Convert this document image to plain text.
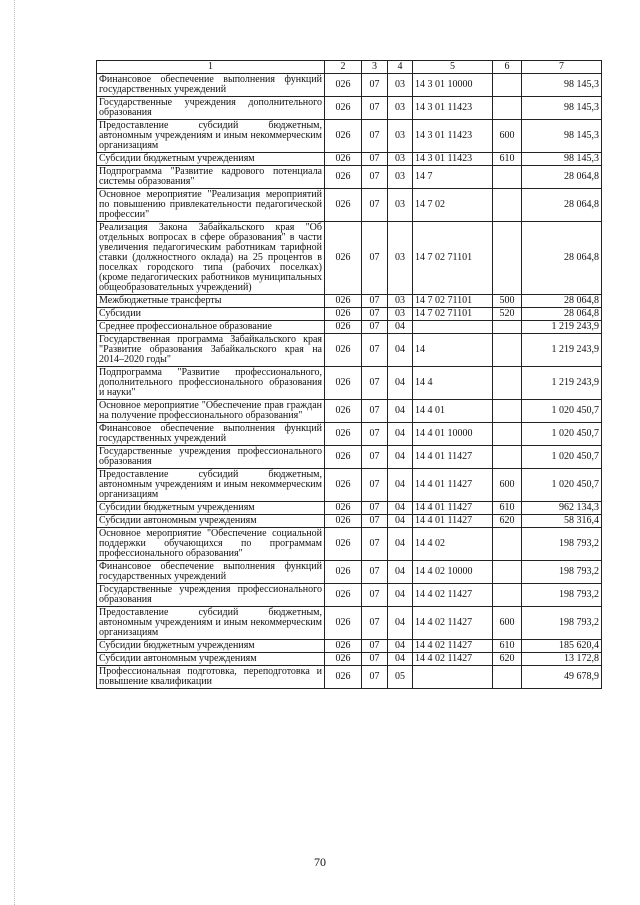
1	2	3	4	5	6	7
Финансовое обеспечение выполнения функций государственных учреждений	026	07	03	14 3 01 10000		98 145,3
Государственные учреждения дополнительного образования	026	07	03	14 3 01 11423		98 145,3
Предоставление субсидий бюджетным, автономным учреждениям и иным некоммерческим организациям	026	07	03	14 3 01 11423	600	98 145,3
Субсидии бюджетным учреждениям	026	07	03	14 3 01 11423	610	98 145,3
Подпрограмма "Развитие кадрового потенциала системы образования"	026	07	03	14 7		28 064,8
Основное мероприятие "Реализация мероприятий по повышению привлекательности педагогической профессии"	026	07	03	14 7 02		28 064,8
Реализация Закона Забайкальского края "Об отдельных вопросах в сфере образования" в части увеличения педагогическим работникам тарифной ставки (должностного оклада) на 25 процентов в поселках городского типа (рабочих поселках) (кроме педагогических работников муниципальных общеобразовательных учреждений)	026	07	03	14 7 02 71101		28 064,8
Межбюджетные трансферты	026	07	03	14 7 02 71101	500	28 064,8
Субсидии	026	07	03	14 7 02 71101	520	28 064,8
Среднее профессиональное образование	026	07	04			1 219 243,9
Государственная программа Забайкальского края "Развитие образования Забайкальского края на 2014–2020 годы"	026	07	04	14		1 219 243,9
Подпрограмма "Развитие профессионального, дополнительного профессионального образования и науки"	026	07	04	14 4		1 219 243,9
Основное мероприятие "Обеспечение прав граждан на получение профессионального образования"	026	07	04	14 4 01		1 020 450,7
Финансовое обеспечение выполнения функций государственных учреждений	026	07	04	14 4 01 10000		1 020 450,7
Государственные учреждения профессионального образования	026	07	04	14 4 01 11427		1 020 450,7
Предоставление субсидий бюджетным, автономным учреждениям и иным некоммерческим организациям	026	07	04	14 4 01 11427	600	1 020 450,7
Субсидии бюджетным учреждениям	026	07	04	14 4 01 11427	610	962 134,3
Субсидии автономным учреждениям	026	07	04	14 4 01 11427	620	58 316,4
Основное мероприятие "Обеспечение социальной поддержки обучающихся по программам профессионального образования"	026	07	04	14 4 02		198 793,2
Финансовое обеспечение выполнения функций государственных учреждений	026	07	04	14 4 02 10000		198 793,2
Государственные учреждения профессионального образования	026	07	04	14 4 02 11427		198 793,2
Предоставление субсидий бюджетным, автономным учреждениям и иным некоммерческим организациям	026	07	04	14 4 02 11427	600	198 793,2
Субсидии бюджетным учреждениям	026	07	04	14 4 02 11427	610	185 620,4
Субсидии автономным учреждениям	026	07	04	14 4 02 11427	620	13 172,8
Профессиональная подготовка, переподготовка и повышение квалификации	026	07	05			49 678,9
70
